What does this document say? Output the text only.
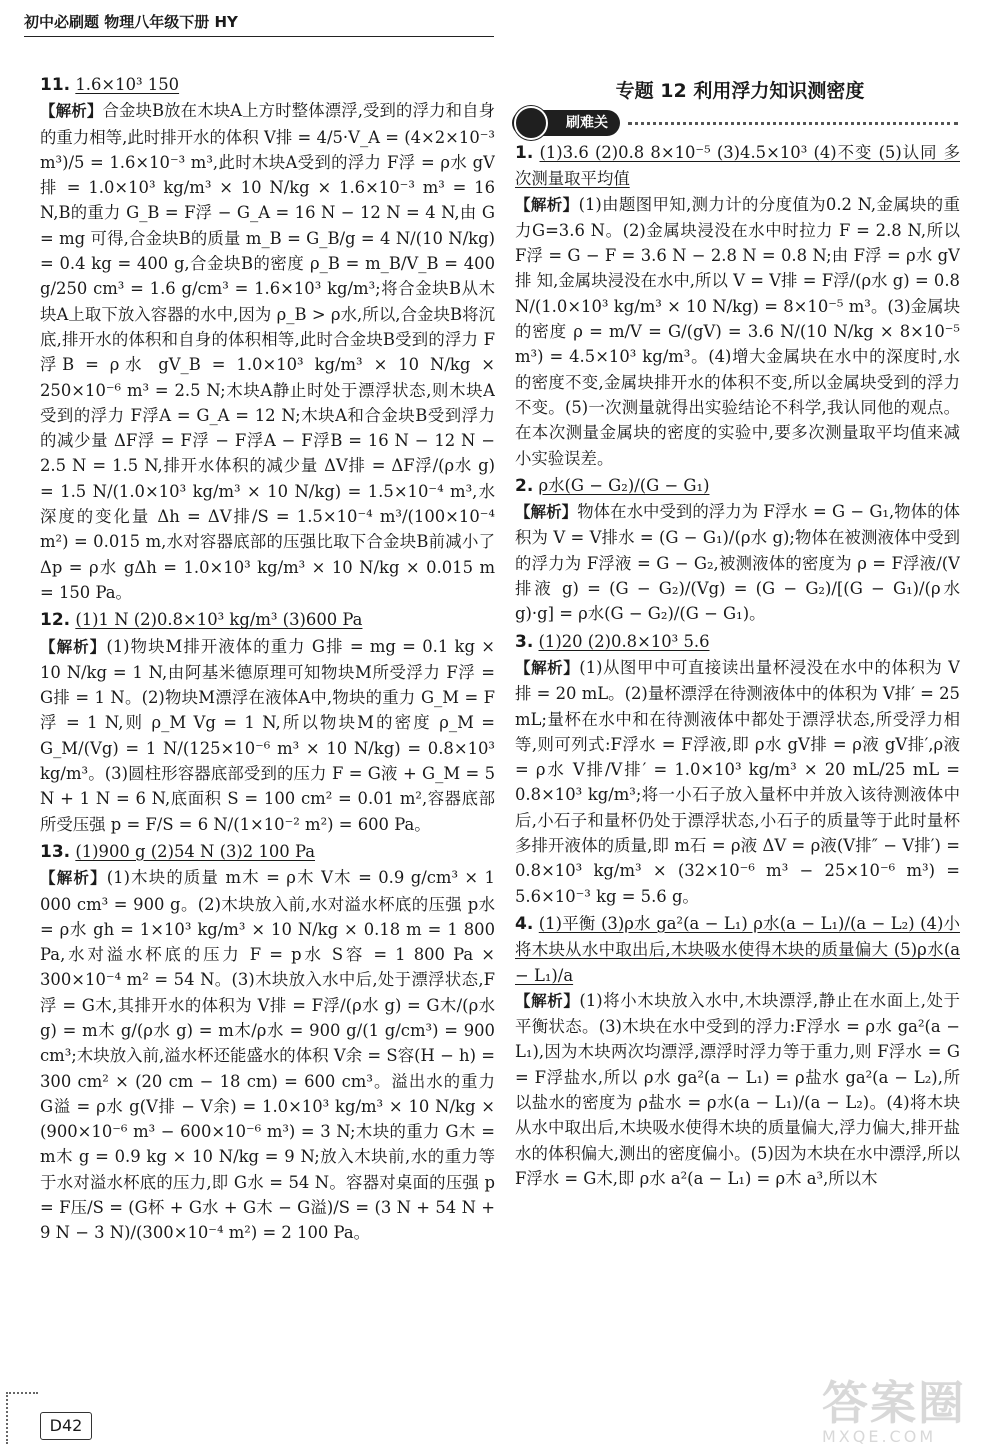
初中必刷题 物理八年级下册 HY
11. 1.6×10³ 150
【解析】合金块B放在木块A上方时整体漂浮,受到的浮力和自身的重力相等,此时排开水的体积 V排 = 4/5·V_A = (4×2×10⁻³ m³)/5 = 1.6×10⁻³ m³,此时木块A受到的浮力 F浮 = ρ水 gV排 = 1.0×10³ kg/m³ × 10 N/kg × 1.6×10⁻³ m³ = 16 N,B的重力 G_B = F浮 − G_A = 16 N − 12 N = 4 N,由 G = mg 可得,合金块B的质量 m_B = G_B/g = 4 N/(10 N/kg) = 0.4 kg = 400 g,合金块B的密度 ρ_B = m_B/V_B = 400 g/250 cm³ = 1.6 g/cm³ = 1.6×10³ kg/m³;将合金块B从木块A上取下放入容器的水中,因为 ρ_B > ρ水,所以,合金块B将沉底,排开水的体积和自身的体积相等,此时合金块B受到的浮力 F浮B = ρ水 gV_B = 1.0×10³ kg/m³ × 10 N/kg × 250×10⁻⁶ m³ = 2.5 N;木块A静止时处于漂浮状态,则木块A受到的浮力 F浮A = G_A = 12 N;木块A和合金块B受到浮力的减少量 ΔF浮 = F浮 − F浮A − F浮B = 16 N − 12 N − 2.5 N = 1.5 N,排开水体积的减少量 ΔV排 = ΔF浮/(ρ水 g) = 1.5 N/(1.0×10³ kg/m³ × 10 N/kg) = 1.5×10⁻⁴ m³,水深度的变化量 Δh = ΔV排/S = 1.5×10⁻⁴ m³/(100×10⁻⁴ m²) = 0.015 m,水对容器底部的压强比取下合金块B前减小了 Δp = ρ水 gΔh = 1.0×10³ kg/m³ × 10 N/kg × 0.015 m = 150 Pa。
12. (1)1 N (2)0.8×10³ kg/m³ (3)600 Pa
【解析】(1)物块M排开液体的重力 G排 = mg = 0.1 kg × 10 N/kg = 1 N,由阿基米德原理可知物块M所受浮力 F浮 = G排 = 1 N。(2)物块M漂浮在液体A中,物块的重力 G_M = F浮 = 1 N,则 ρ_M Vg = 1 N,所以物块M的密度 ρ_M = G_M/(Vg) = 1 N/(125×10⁻⁶ m³ × 10 N/kg) = 0.8×10³ kg/m³。(3)圆柱形容器底部受到的压力 F = G液 + G_M = 5 N + 1 N = 6 N,底面积 S = 100 cm² = 0.01 m²,容器底部所受压强 p = F/S = 6 N/(1×10⁻² m²) = 600 Pa。
13. (1)900 g (2)54 N (3)2 100 Pa
【解析】(1)木块的质量 m木 = ρ木 V木 = 0.9 g/cm³ × 1 000 cm³ = 900 g。(2)木块放入前,水对溢水杯底的压强 p水 = ρ水 gh = 1×10³ kg/m³ × 10 N/kg × 0.18 m = 1 800 Pa,水对溢水杯底的压力 F = p水 S容 = 1 800 Pa × 300×10⁻⁴ m² = 54 N。(3)木块放入水中后,处于漂浮状态,F浮 = G木,其排开水的体积为 V排 = F浮/(ρ水 g) = G木/(ρ水 g) = m木 g/(ρ水 g) = m木/ρ水 = 900 g/(1 g/cm³) = 900 cm³;木块放入前,溢水杯还能盛水的体积 V余 = S容(H − h) = 300 cm² × (20 cm − 18 cm) = 600 cm³。溢出水的重力 G溢 = ρ水 g(V排 − V余) = 1.0×10³ kg/m³ × 10 N/kg × (900×10⁻⁶ m³ − 600×10⁻⁶ m³) = 3 N;木块的重力 G木 = m木 g = 0.9 kg × 10 N/kg = 9 N;放入木块前,水的重力等于水对溢水杯底的压力,即 G水 = 54 N。容器对桌面的压强 p = F压/S = (G杯 + G水 + G木 − G溢)/S = (3 N + 54 N + 9 N − 3 N)/(300×10⁻⁴ m²) = 2 100 Pa。
专题 12 利用浮力知识测密度
刷难关
1. (1)3.6 (2)0.8 8×10⁻⁵ (3)4.5×10³ (4)不变 (5)认同 多次测量取平均值
【解析】(1)由题图甲知,测力计的分度值为0.2 N,金属块的重力G=3.6 N。(2)金属块浸没在水中时拉力 F = 2.8 N,所以 F浮 = G − F = 3.6 N − 2.8 N = 0.8 N;由 F浮 = ρ水 gV排 知,金属块浸没在水中,所以 V = V排 = F浮/(ρ水 g) = 0.8 N/(1.0×10³ kg/m³ × 10 N/kg) = 8×10⁻⁵ m³。(3)金属块的密度 ρ = m/V = G/(gV) = 3.6 N/(10 N/kg × 8×10⁻⁵ m³) = 4.5×10³ kg/m³。(4)增大金属块在水中的深度时,水的密度不变,金属块排开水的体积不变,所以金属块受到的浮力不变。(5)一次测量就得出实验结论不科学,我认同他的观点。在本次测量金属块的密度的实验中,要多次测量取平均值来减小实验误差。
2. ρ水(G − G₂)/(G − G₁)
【解析】物体在水中受到的浮力为 F浮水 = G − G₁,物体的体积为 V = V排水 = (G − G₁)/(ρ水 g);物体在被测液体中受到的浮力为 F浮液 = G − G₂,被测液体的密度为 ρ = F浮液/(V排液 g) = (G − G₂)/(Vg) = (G − G₂)/[(G − G₁)/(ρ水 g)·g] = ρ水(G − G₂)/(G − G₁)。
3. (1)20 (2)0.8×10³ 5.6
【解析】(1)从图甲中可直接读出量杯浸没在水中的体积为 V排 = 20 mL。(2)量杯漂浮在待测液体中的体积为 V排′ = 25 mL;量杯在水中和在待测液体中都处于漂浮状态,所受浮力相等,则可列式:F浮水 = F浮液,即 ρ水 gV排 = ρ液 gV排′,ρ液 = ρ水 V排/V排′ = 1.0×10³ kg/m³ × 20 mL/25 mL = 0.8×10³ kg/m³;将一小石子放入量杯中并放入该待测液体中后,小石子和量杯仍处于漂浮状态,小石子的质量等于此时量杯多排开液体的质量,即 m石 = ρ液 ΔV = ρ液(V排″ − V排′) = 0.8×10³ kg/m³ × (32×10⁻⁶ m³ − 25×10⁻⁶ m³) = 5.6×10⁻³ kg = 5.6 g。
4. (1)平衡 (3)ρ水 ga²(a − L₁) ρ水(a − L₁)/(a − L₂) (4)小 将木块从水中取出后,木块吸水使得木块的质量偏大 (5)ρ水(a − L₁)/a
【解析】(1)将小木块放入水中,木块漂浮,静止在水面上,处于平衡状态。(3)木块在水中受到的浮力:F浮水 = ρ水 ga²(a − L₁),因为木块两次均漂浮,漂浮时浮力等于重力,则 F浮水 = G = F浮盐水,所以 ρ水 ga²(a − L₁) = ρ盐水 ga²(a − L₂),所以盐水的密度为 ρ盐水 = ρ水(a − L₁)/(a − L₂)。(4)将木块从水中取出后,木块吸水使得木块的质量偏大,浮力偏大,排开盐水的体积偏大,测出的密度偏小。(5)因为木块在水中漂浮,所以 F浮水 = G木,即 ρ水 a²(a − L₁) = ρ木 a³,所以木
D42	答案圈
MXQE.COM
